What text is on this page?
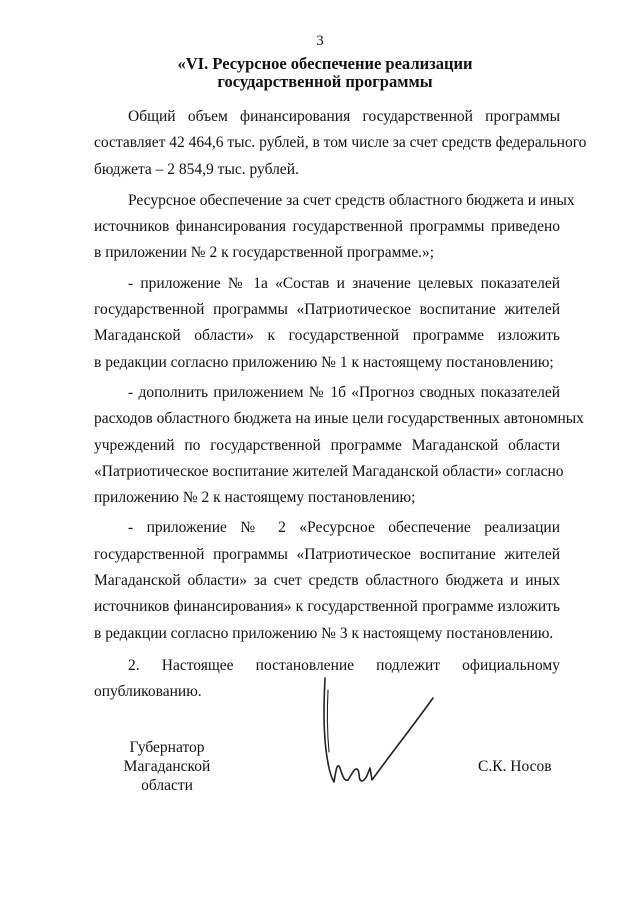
3
«VI. Ресурсное обеспечение реализации
государственной программы

Общий объем финансирования государственной программы
составляет 42 464,6 тыс. рублей, в том числе за счет средств федерального
бюджета – 2 854,9 тыс. рублей.

Ресурсное обеспечение за счет средств областного бюджета и иных
источников финансирования государственной программы приведено
в приложении № 2 к государственной программе.»;

- приложение № 1а «Состав и значение целевых показателей
государственной программы «Патриотическое воспитание жителей
Магаданской области» к государственной программе изложить
в редакции согласно приложению № 1 к настоящему постановлению;

- дополнить приложением № 1б «Прогноз сводных показателей
расходов областного бюджета на иные цели государственных автономных
учреждений по государственной программе Магаданской области
«Патриотическое воспитание жителей Магаданской области» согласно
приложению № 2 к настоящему постановлению;

- приложение № 2 «Ресурсное обеспечение реализации
государственной программы «Патриотическое воспитание жителей
Магаданской области» за счет средств областного бюджета и иных
источников финансирования» к государственной программе изложить
в редакции согласно приложению № 3 к настоящему постановлению.

2. Настоящее постановление подлежит официальному
опубликованию.

Губернатор
Магаданской области
С.К. Носов
